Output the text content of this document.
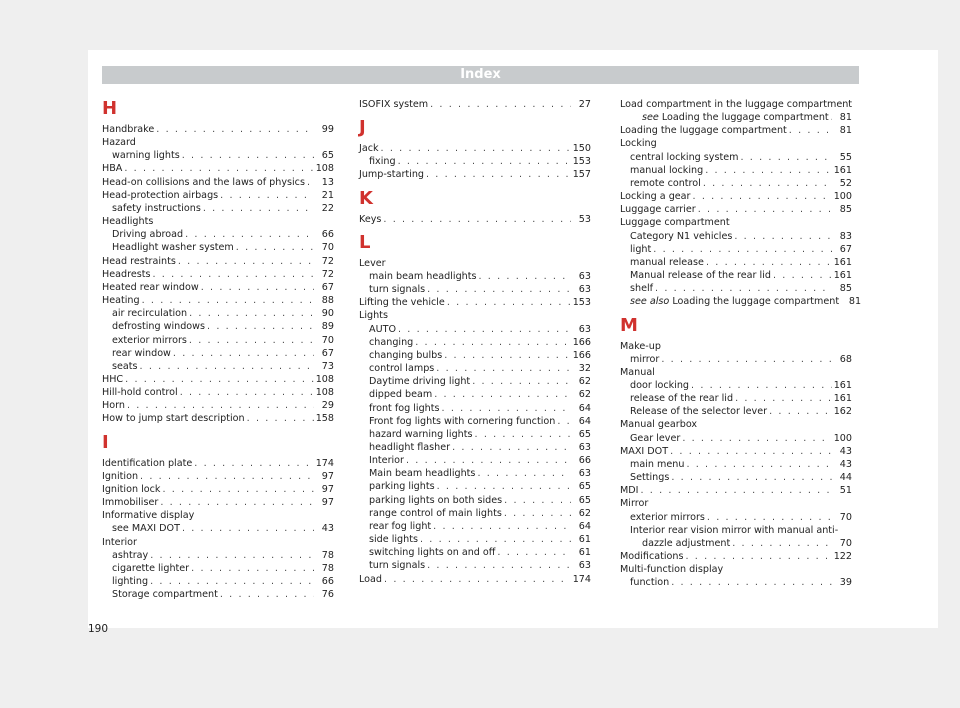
Index
H
Handbrake . . .	99
Hazard
warning lights . . .	65
HBA . . .	108
Head-on collisions and the laws of physics . . .	13
Head-protection airbags . . .	21
safety instructions . . .	22
Headlights
Driving abroad . . .	66
Headlight washer system . . .	70
Head restraints . . .	72
Headrests . . .	72
Heated rear window . . .	67
Heating . . .	88
air recirculation . . .	90
defrosting windows . . .	89
exterior mirrors . . .	70
rear window . . .	67
seats . . .	73
HHC . . .	108
Hill-hold control . . .	108
Horn . . .	29
How to jump start description . . .	158
I
Identification plate . . .	174
Ignition . . .	97
Ignition lock . . .	97
Immobiliser . . .	97
Informative display
see MAXI DOT . . .	43
Interior
ashtray . . .	78
cigarette lighter . . .	78
lighting . . .	66
Storage compartment . . .	76
ISOFIX system . . .	27
J
Jack . . .	150
fixing . . .	153
Jump-starting . . .	157
K
Keys . . .	53
L
Lever
main beam headlights . . .	63
turn signals . . .	63
Lifting the vehicle . . .	153
Lights
AUTO . . .	63
changing . . .	166
changing bulbs . . .	166
control lamps . . .	32
Daytime driving light . . .	62
dipped beam . . .	62
front fog lights . . .	64
Front fog lights with cornering function . . .	64
hazard warning lights . . .	65
headlight flasher . . .	63
Interior . . .	66
Main beam headlights . . .	63
parking lights . . .	65
parking lights on both sides . . .	65
range control of main lights . . .	62
rear fog light . . .	64
side lights . . .	61
switching lights on and off . . .	61
turn signals . . .	63
Load . . .	174
Load compartment in the luggage compartment
see Loading the luggage compartment . . .	81
Loading the luggage compartment . . .	81
Locking
central locking system . . .	55
manual locking . . .	161
remote control . . .	52
Locking a gear . . .	100
Luggage carrier . . .	85
Luggage compartment
Category N1 vehicles . . .	83
light . . .	67
manual release . . .	161
Manual release of the rear lid . . .	161
shelf . . .	85
see also Loading the luggage compartment	81
M
Make-up
mirror . . .	68
Manual
door locking . . .	161
release of the rear lid . . .	161
Release of the selector lever . . .	162
Manual gearbox
Gear lever . . .	100
MAXI DOT . . .	43
main menu . . .	43
Settings . . .	44
MDI . . .	51
Mirror
exterior mirrors . . .	70
Interior rear vision mirror with manual anti-
dazzle adjustment . . .	70
Modifications . . .	122
Multi-function display
function . . .	39
190
